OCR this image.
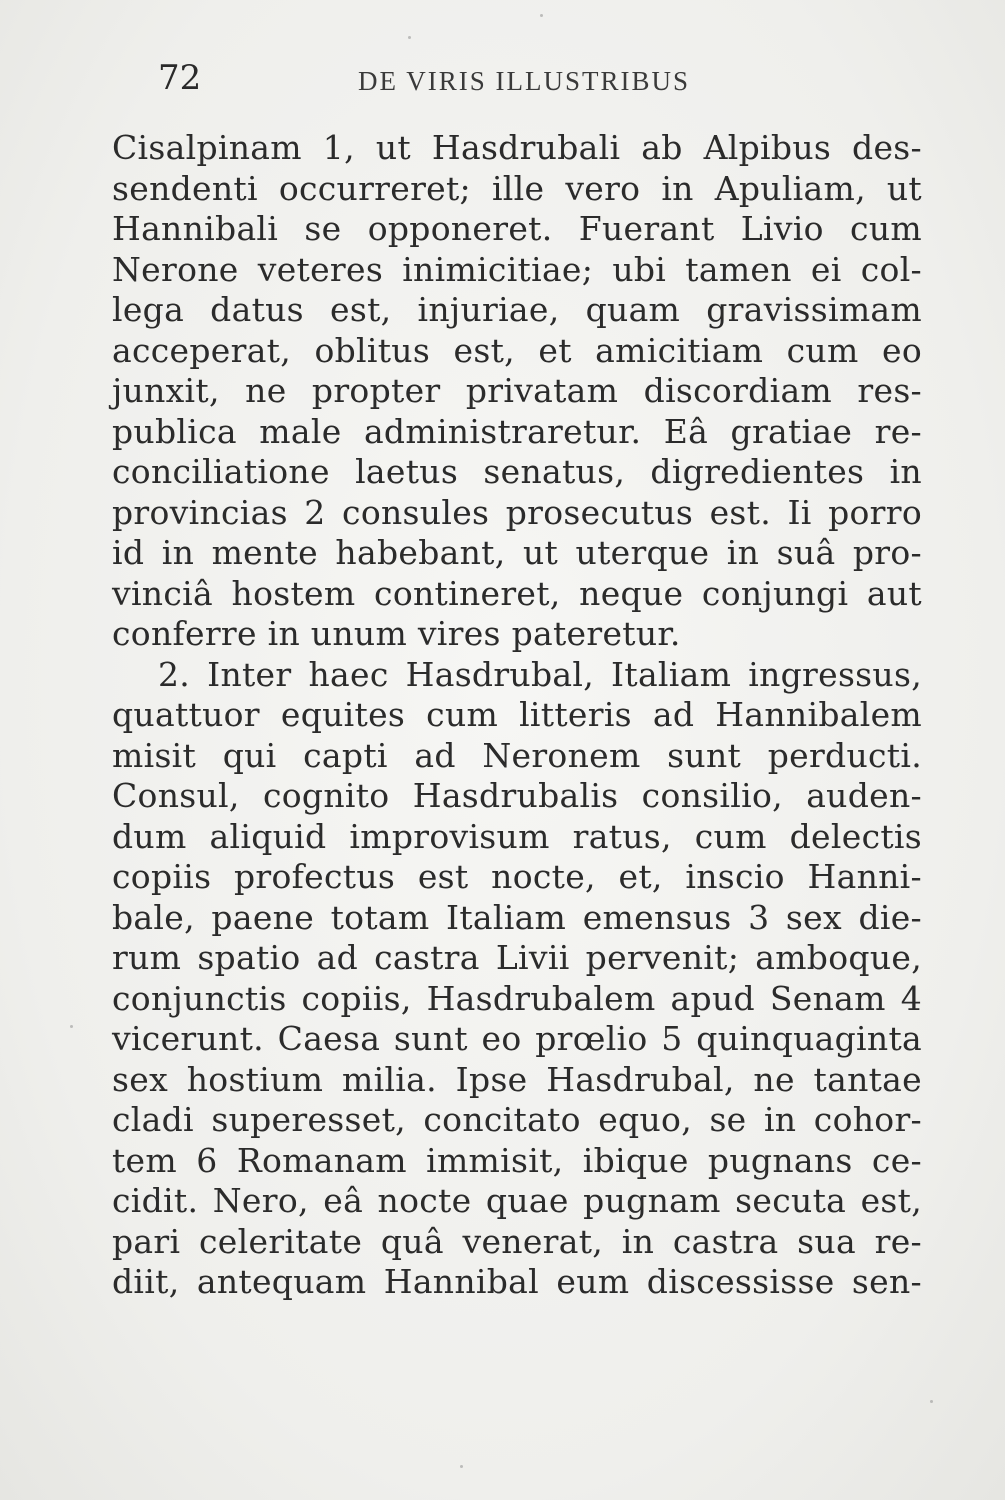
72	DE VIRIS ILLUSTRIBUS
Cisalpinam 1, ut Hasdrubali ab Alpibus des-
sendenti occurreret; ille vero in Apuliam, ut
Hannibali se opponeret. Fuerant Livio cum
Nerone veteres inimicitiae; ubi tamen ei col-
lega datus est, injuriae, quam gravissimam
acceperat, oblitus est, et amicitiam cum eo
junxit, ne propter privatam discordiam res-
publica male administraretur. Eâ gratiae re-
conciliatione laetus senatus, digredientes in
provincias 2 consules prosecutus est. Ii porro
id in mente habebant, ut uterque in suâ pro-
vinciâ hostem contineret, neque conjungi aut
conferre in unum vires pateretur.
2. Inter haec Hasdrubal, Italiam ingressus,
quattuor equites cum litteris ad Hannibalem
misit qui capti ad Neronem sunt perducti.
Consul, cognito Hasdrubalis consilio, auden-
dum aliquid improvisum ratus, cum delectis
copiis profectus est nocte, et, inscio Hanni-
bale, paene totam Italiam emensus 3 sex die-
rum spatio ad castra Livii pervenit; amboque,
conjunctis copiis, Hasdrubalem apud Senam 4
vicerunt. Caesa sunt eo prœlio 5 quinquaginta
sex hostium milia. Ipse Hasdrubal, ne tantae
cladi superesset, concitato equo, se in cohor-
tem 6 Romanam immisit, ibique pugnans ce-
cidit. Nero, eâ nocte quae pugnam secuta est,
pari celeritate quâ venerat, in castra sua re-
diit, antequam Hannibal eum discessisse sen-
